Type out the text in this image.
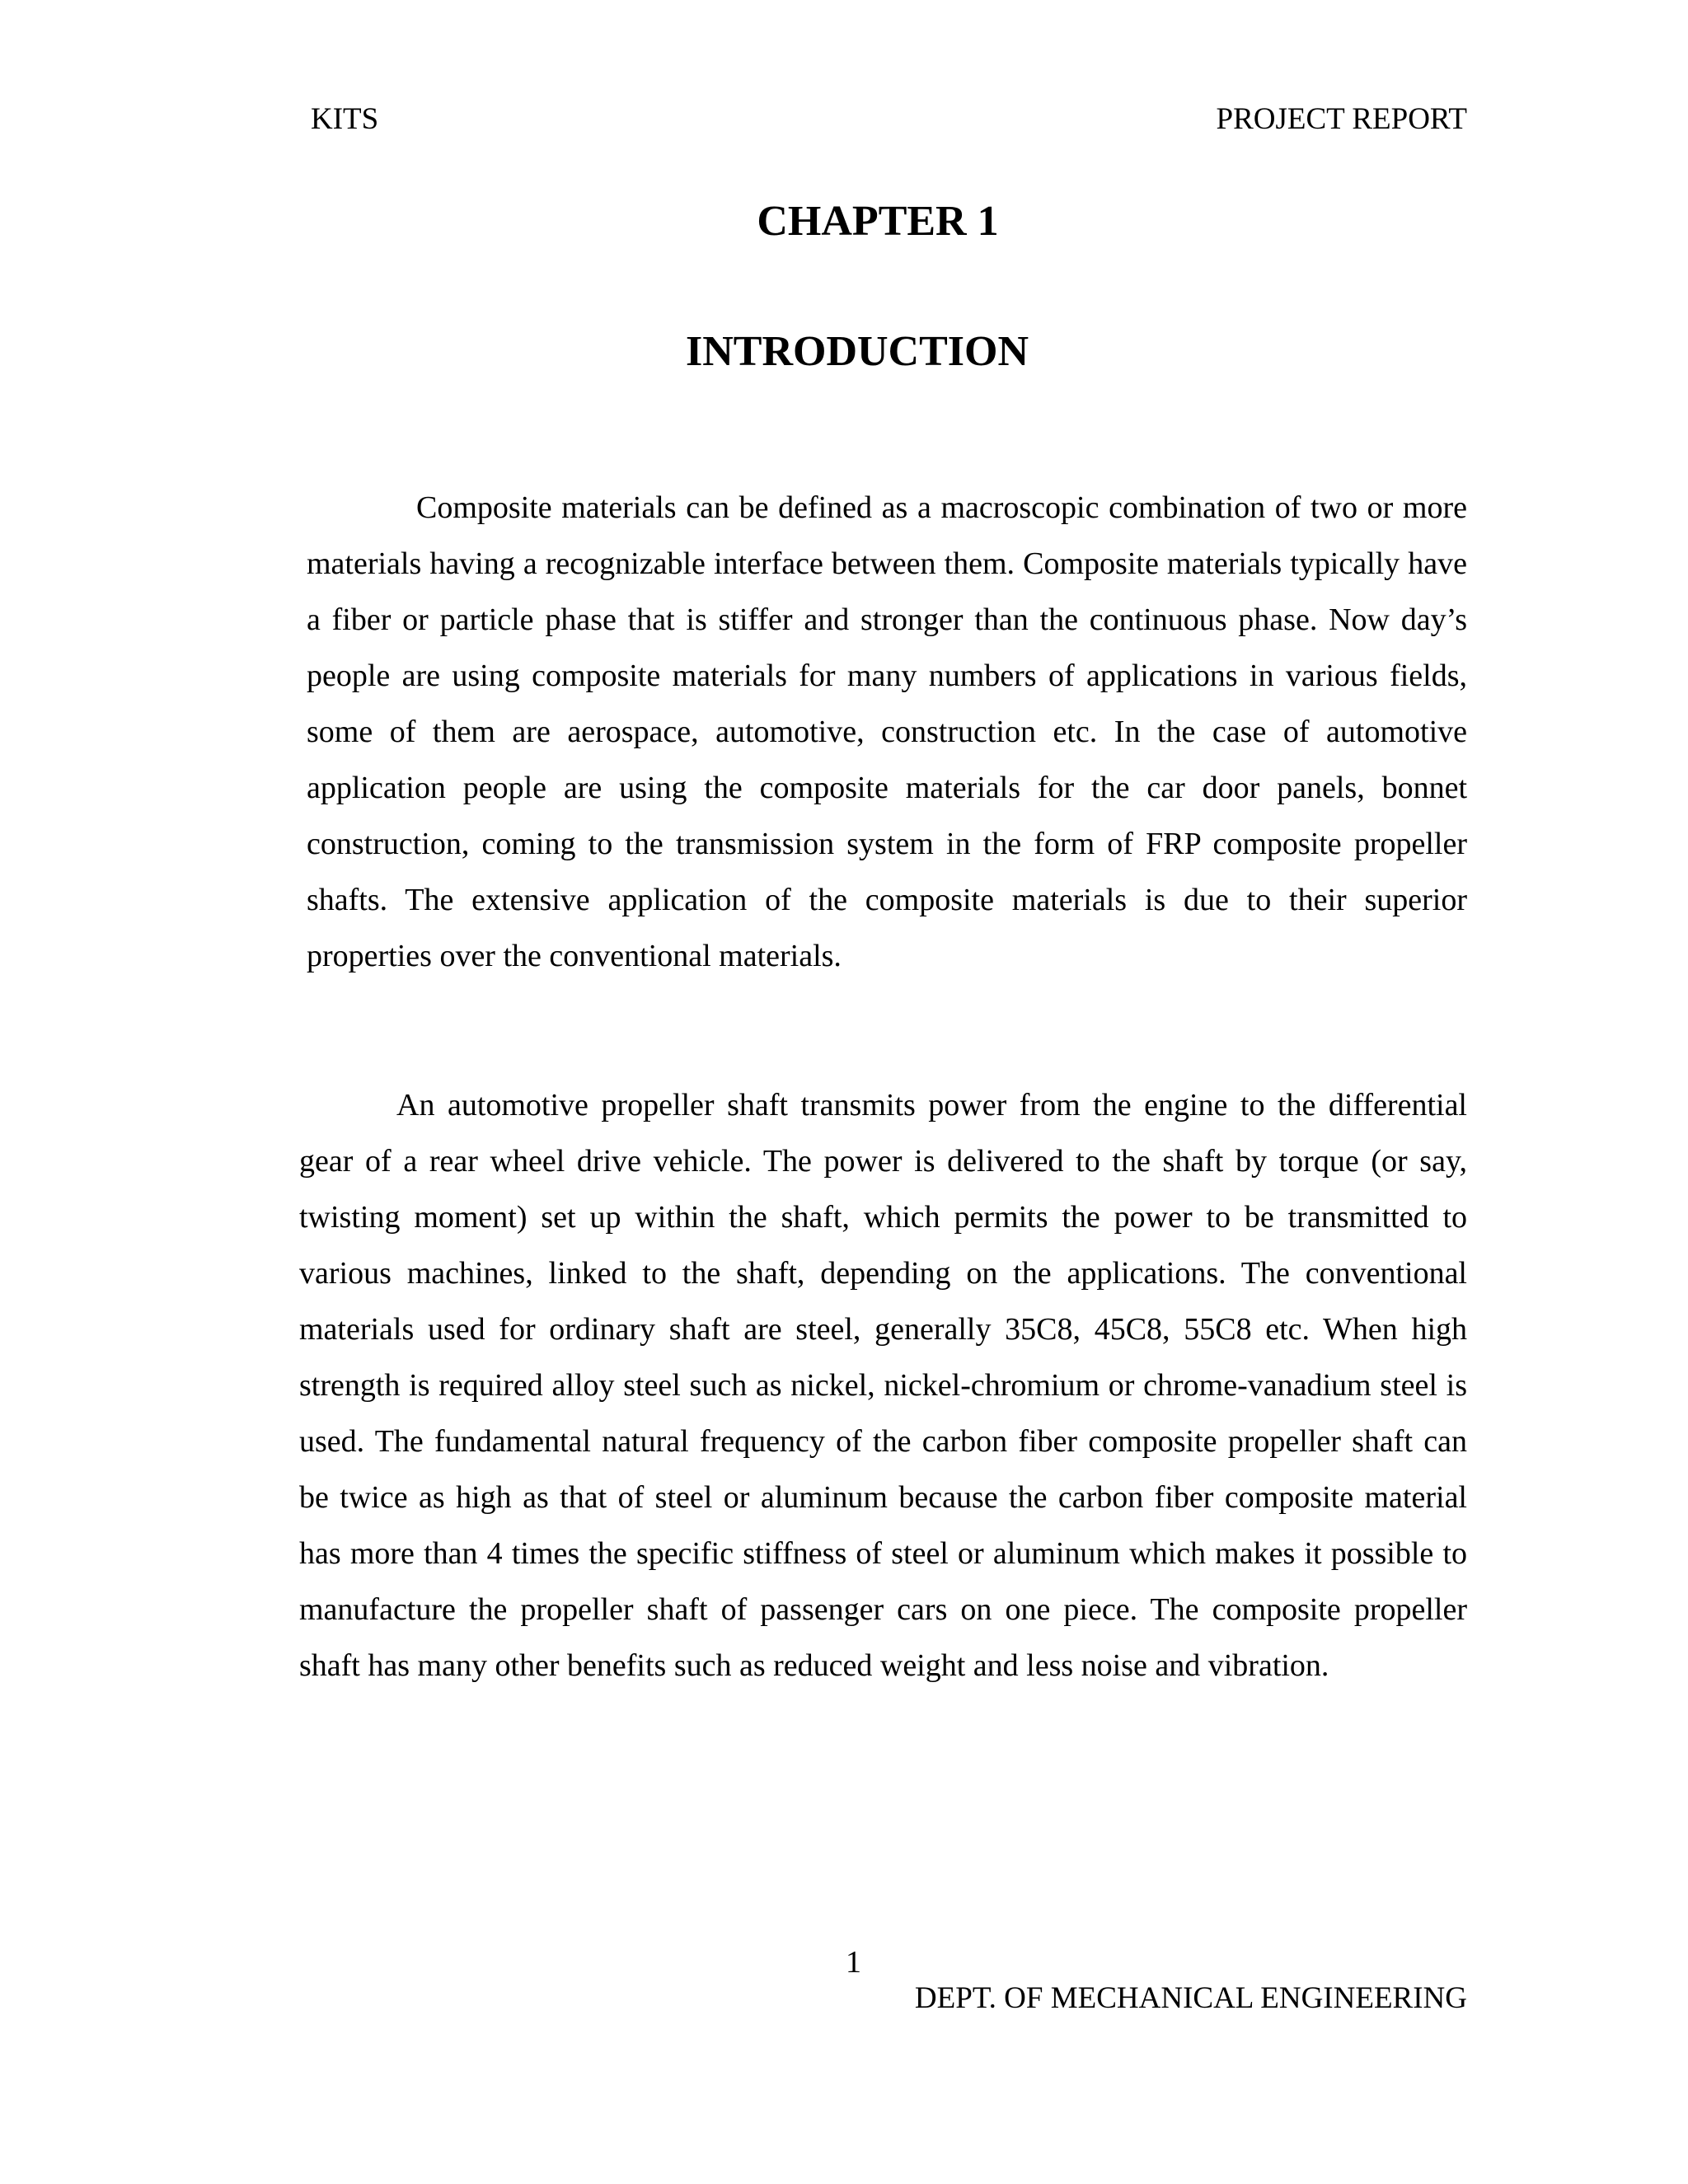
KITS	PROJECT REPORT
CHAPTER 1
INTRODUCTION

Composite materials can be defined as a macroscopic combination of two or more materials having a recognizable interface between them. Composite materials typically have a fiber or particle phase that is stiffer and stronger than the continuous phase. Now day’s people are using composite materials for many numbers of applications in various fields, some of them are aerospace, automotive, construction etc. In the case of automotive application people are using the composite materials for the car door panels, bonnet construction, coming to the transmission system in the form of FRP composite propeller shafts. The extensive application of the composite materials is due to their superior properties over the conventional materials.

An automotive propeller shaft transmits power from the engine to the differential gear of a rear wheel drive vehicle. The power is delivered to the shaft by torque (or say, twisting moment) set up within the shaft, which permits the power to be transmitted to various machines, linked to the shaft, depending on the applications. The conventional materials used for ordinary shaft are steel, generally 35C8, 45C8, 55C8 etc. When high strength is required alloy steel such as nickel, nickel-chromium or chrome-vanadium steel is used. The fundamental natural frequency of the carbon fiber composite propeller shaft can be twice as high as that of steel or aluminum because the carbon fiber composite material has more than 4 times the specific stiffness of steel or aluminum which makes it possible to manufacture the propeller shaft of passenger cars on one piece. The composite propeller shaft has many other benefits such as reduced weight and less noise and vibration.

1
DEPT. OF MECHANICAL ENGINEERING
